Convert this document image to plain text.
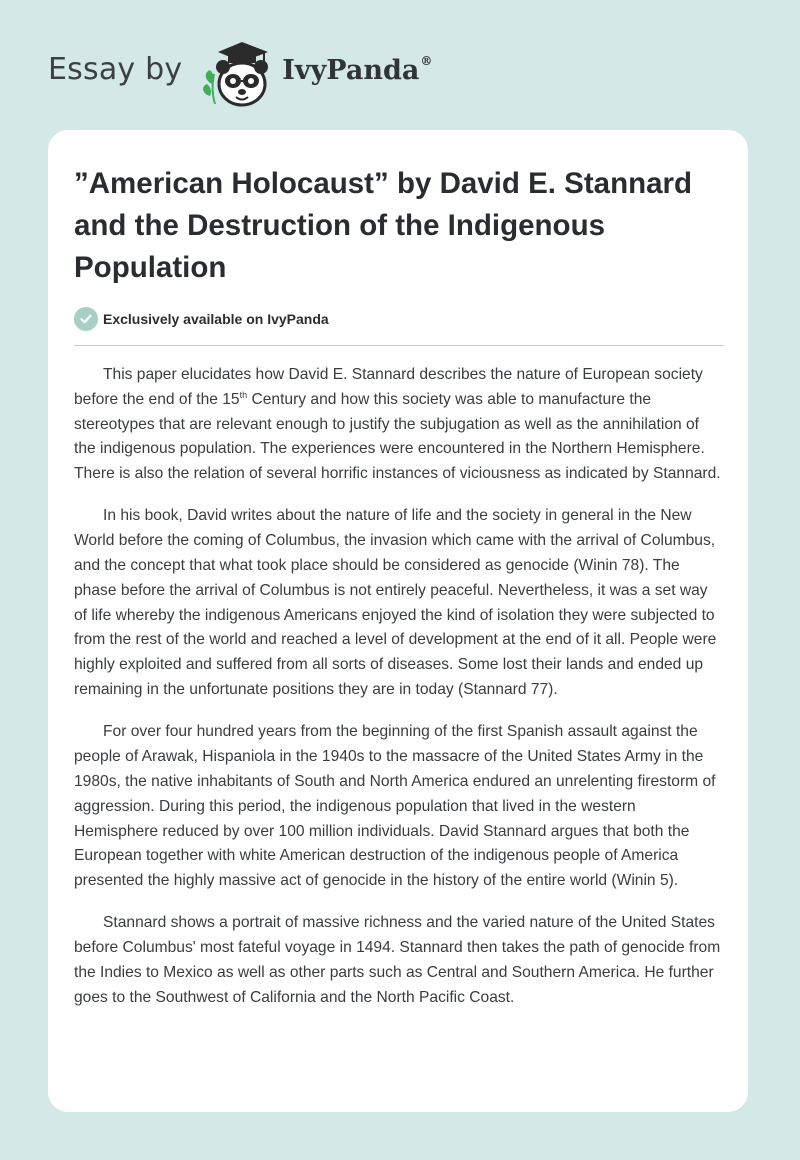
Essay by	IvyPanda®
”American Holocaust” by David E. Stannard and the Destruction of the Indigenous Population
Exclusively available on IvyPanda

This paper elucidates how David E. Stannard describes the nature of European society before the end of the 15th Century and how this society was able to manufacture the stereotypes that are relevant enough to justify the subjugation as well as the annihilation of the indigenous population. The experiences were encountered in the Northern Hemisphere. There is also the relation of several horrific instances of viciousness as indicated by Stannard.

In his book, David writes about the nature of life and the society in general in the New World before the coming of Columbus, the invasion which came with the arrival of Columbus, and the concept that what took place should be considered as genocide (Winin 78). The phase before the arrival of Columbus is not entirely peaceful. Nevertheless, it was a set way of life whereby the indigenous Americans enjoyed the kind of isolation they were subjected to from the rest of the world and reached a level of development at the end of it all. People were highly exploited and suffered from all sorts of diseases. Some lost their lands and ended up remaining in the unfortunate positions they are in today (Stannard 77).

For over four hundred years from the beginning of the first Spanish assault against the people of Arawak, Hispaniola in the 1940s to the massacre of the United States Army in the 1980s, the native inhabitants of South and North America endured an unrelenting firestorm of aggression. During this period, the indigenous population that lived in the western Hemisphere reduced by over 100 million individuals. David Stannard argues that both the European together with white American destruction of the indigenous people of America presented the highly massive act of genocide in the history of the entire world (Winin 5).

Stannard shows a portrait of massive richness and the varied nature of the United States before Columbus' most fateful voyage in 1494. Stannard then takes the path of genocide from the Indies to Mexico as well as other parts such as Central and Southern America. He further goes to the Southwest of California and the North Pacific Coast.
